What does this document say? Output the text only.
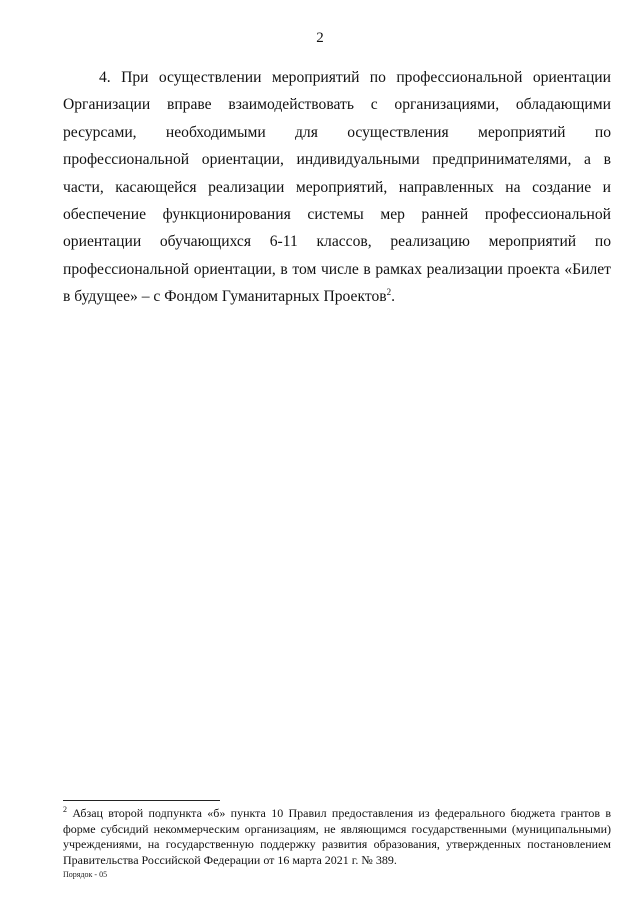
2

4. При осуществлении мероприятий по профессиональной ориентации Организации вправе взаимодействовать с организациями, обладающими ресурсами, необходимыми для осуществления мероприятий по профессиональной ориентации, индивидуальными предпринимателями, а в части, касающейся реализации мероприятий, направленных на создание и обеспечение функционирования системы мер ранней профессиональной ориентации обучающихся 6-11 классов, реализацию мероприятий по профессиональной ориентации, в том числе в рамках реализации проекта «Билет в будущее» – с Фондом Гуманитарных Проектов$^2$.

$^2$ Абзац второй подпункта «б» пункта 10 Правил предоставления из федерального бюджета грантов в форме субсидий некоммерческим организациям, не являющимся государственными (муниципальными) учреждениями, на государственную поддержку развития образования, утвержденных постановлением Правительства Российской Федерации от 16 марта 2021 г. № 389.

Порядок - 05
